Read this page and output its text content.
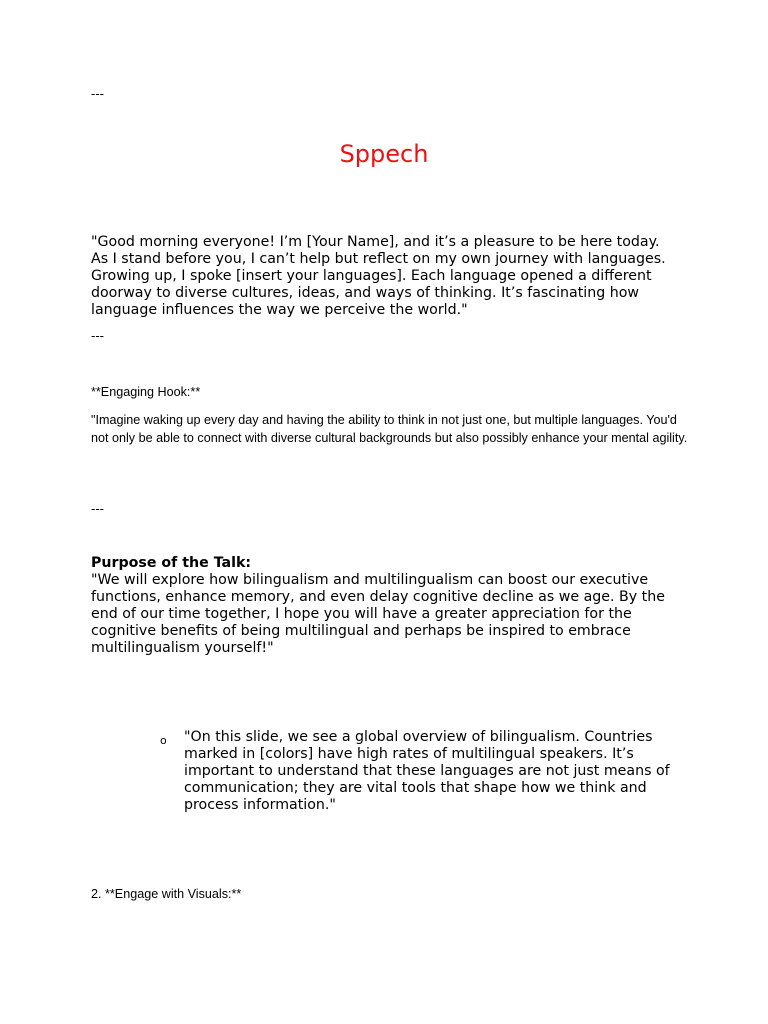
---
Sppech
"Good morning everyone! I’m [Your Name], and it’s a pleasure to be here today. As I stand before you, I can’t help but reflect on my own journey with languages. Growing up, I spoke [insert your languages]. Each language opened a different doorway to diverse cultures, ideas, and ways of thinking. It’s fascinating how language influences the way we perceive the world."
---
**Engaging Hook:**
"Imagine waking up every day and having the ability to think in not just one, but multiple languages. You'd not only be able to connect with diverse cultural backgrounds but also possibly enhance your mental agility.
---
Purpose of the Talk:
"We will explore how bilingualism and multilingualism can boost our executive functions, enhance memory, and even delay cognitive decline as we age. By the end of our time together, I hope you will have a greater appreciation for the cognitive benefits of being multilingual and perhaps be inspired to embrace multilingualism yourself!"
o "On this slide, we see a global overview of bilingualism. Countries marked in [colors] have high rates of multilingual speakers. It’s important to understand that these languages are not just means of communication; they are vital tools that shape how we think and process information."
2. **Engage with Visuals:**
